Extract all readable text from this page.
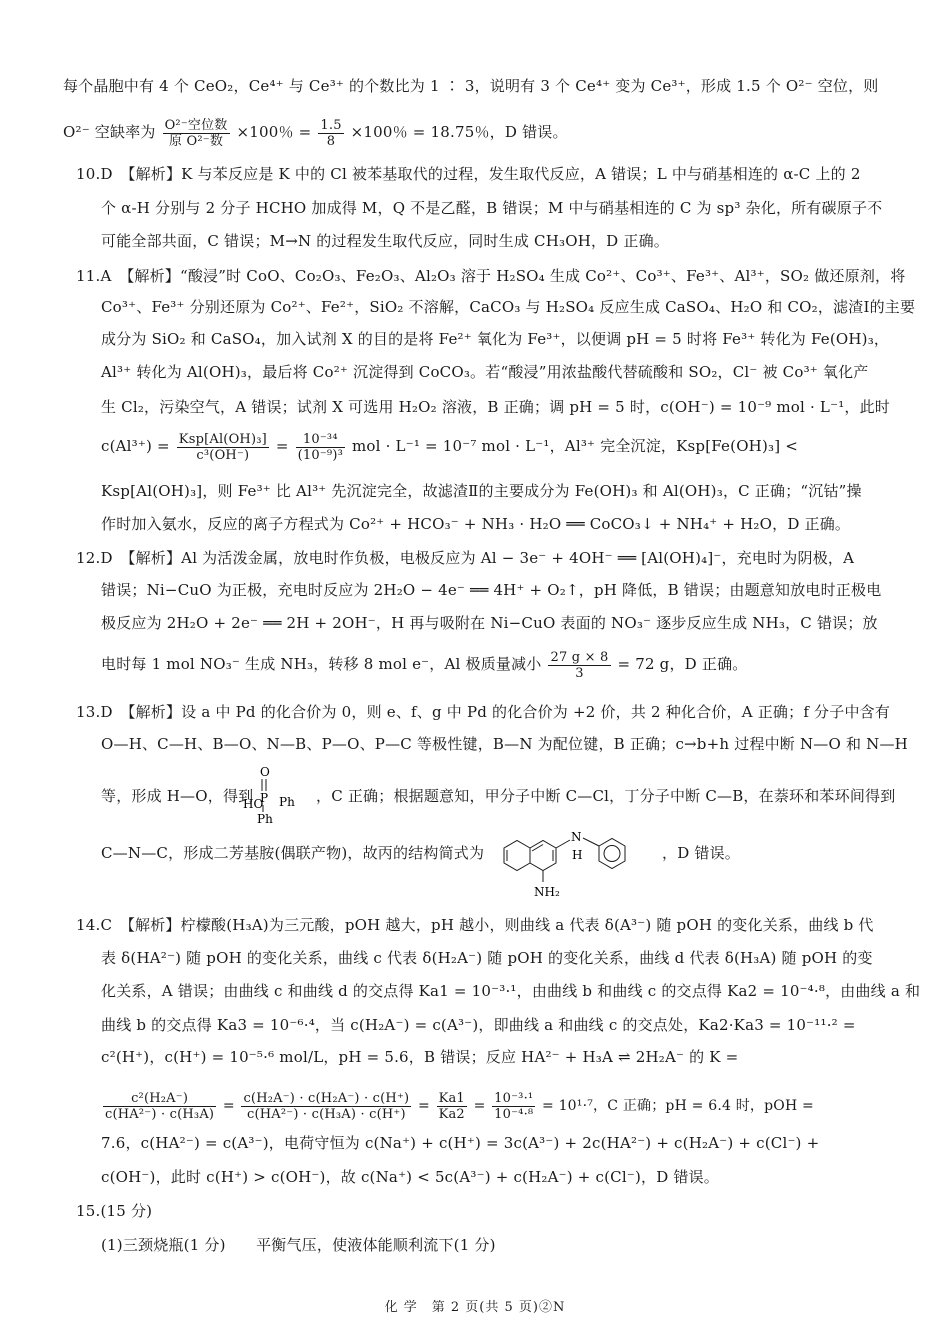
每个晶胞中有 4 个 CeO₂，Ce⁴⁺ 与 Ce³⁺ 的个数比为 1 ∶ 3，说明有 3 个 Ce⁴⁺ 变为 Ce³⁺，形成 1.5 个 O²⁻ 空位，则
O²⁻ 空缺率为 $\frac{\text{O²⁻空位数}}{\text{原 O²⁻数}} \times 100$％ = $\frac{1.5}{8} \times 100$％ = 18.75％，D 错误。
10.D　【解析】K 与苯反应是 K 中的 Cl 被苯基取代的过程，发生取代反应，A 错误；L 中与硝基相连的 α-C 上的 2
个 α-H 分别与 2 分子 HCHO 加成得 M，Q 不是乙醛，B 错误；M 中与硝基相连的 C 为 sp³ 杂化，所有碳原子不
可能全部共面，C 错误；M→N 的过程发生取代反应，同时生成 CH₃OH，D 正确。
11.A　【解析】“酸浸”时 CoO、Co₂O₃、Fe₂O₃、Al₂O₃ 溶于 H₂SO₄ 生成 Co²⁺、Co³⁺、Fe³⁺、Al³⁺，SO₂ 做还原剂，将
Co³⁺、Fe³⁺ 分别还原为 Co²⁺、Fe²⁺，SiO₂ 不溶解，CaCO₃ 与 H₂SO₄ 反应生成 CaSO₄、H₂O 和 CO₂，滤渣Ⅰ的主要
成分为 SiO₂ 和 CaSO₄，加入试剂 X 的目的是将 Fe²⁺ 氧化为 Fe³⁺，以便调 pH = 5 时将 Fe³⁺ 转化为 Fe(OH)₃，
Al³⁺ 转化为 Al(OH)₃，最后将 Co²⁺ 沉淀得到 CoCO₃。若“酸浸”用浓盐酸代替硫酸和 SO₂，Cl⁻ 被 Co³⁺ 氧化产
生 Cl₂，污染空气，A 错误；试剂 X 可选用 H₂O₂ 溶液，B 正确；调 pH = 5 时，c(OH⁻) = 10⁻⁹ mol · L⁻¹，此时
$c(Al^{3+}) = \frac{\text{Ksp[Al(OH)₃]}}{\text{c³(OH⁻)}} = \frac{\text{10⁻³⁴}}{\text{(10⁻⁹)³}}$ mol · L⁻¹ = 10⁻⁷ mol · L⁻¹，Al³⁺ 完全沉淀，Ksp[Fe(OH)₃] <
Ksp[Al(OH)₃]，则 Fe³⁺ 比 Al³⁺ 先沉淀完全，故滤渣Ⅱ的主要成分为 Fe(OH)₃ 和 Al(OH)₃，C 正确；“沉钴”操
作时加入氨水，反应的离子方程式为 Co²⁺ + HCO₃⁻ + NH₃ · H₂O ══ CoCO₃↓ + NH₄⁺ + H₂O，D 正确。
12.D　【解析】Al 为活泼金属，放电时作负极，电极反应为 Al − 3e⁻ + 4OH⁻ ══ [Al(OH)₄]⁻，充电时为阴极，A
错误；Ni−CuO 为正极，充电时反应为 2H₂O − 4e⁻ ══ 4H⁺ + O₂↑，pH 降低，B 错误；由题意知放电时正极电
极反应为 2H₂O + 2e⁻ ══ 2H + 2OH⁻，H 再与吸附在 Ni−CuO 表面的 NO₃⁻ 逐步反应生成 NH₃，C 错误；放
电时每 1 mol NO₃⁻ 生成 NH₃，转移 8 mol e⁻，Al 极质量减小 $\frac{27 g \times 8}{3} = 72$ g，D 正确。
13.D　【解析】设 a 中 Pd 的化合价为 0，则 e、f、g 中 Pd 的化合价为 +2 价，共 2 种化合价，A 正确；f 分子中含有
O—H、C—H、B—O、N—B、P—O、P—C 等极性键，B—N 为配位键，B 正确；c→b+h 过程中断 N—O 和 N—H
等，形成 H—O，得到
O
P
HO Ph
Ph
，C 正确；根据题意知，甲分子中断 C—Cl，丁分子中断 C—B，在萘环和苯环间得到
C—N—C，形成二芳基胺(偶联产物)，故丙的结构简式为
N
H
NH₂
，D 错误。
14.C　【解析】柠檬酸(H₃A)为三元酸，pOH 越大，pH 越小，则曲线 a 代表 δ(A³⁻) 随 pOH 的变化关系，曲线 b 代
表 δ(HA²⁻) 随 pOH 的变化关系，曲线 c 代表 δ(H₂A⁻) 随 pOH 的变化关系，曲线 d 代表 δ(H₃A) 随 pOH 的变
化关系，A 错误；由曲线 c 和曲线 d 的交点得 Ka1 = 10⁻³·¹，由曲线 b 和曲线 c 的交点得 Ka2 = 10⁻⁴·⁸，由曲线 a 和
曲线 b 的交点得 Ka3 = 10⁻⁶·⁴，当 c(H₂A⁻) = c(A³⁻)，即曲线 a 和曲线 c 的交点处，Ka2·Ka3 = 10⁻¹¹·² =
c²(H⁺)，c(H⁺) = 10⁻⁵·⁶ mol/L，pH = 5.6，B 错误；反应 HA²⁻ + H₃A ⇌ 2H₂A⁻ 的 K =
$\frac{\text{c²(H₂A⁻)}}{\text{c(HA²⁻) · c(H₃A)}} = \frac{\text{c(H₂A⁻) · c(H₂A⁻) · c(H⁺)}}{\text{c(HA²⁻) · c(H₃A) · c(H⁺)}} = \frac{Ka1}{Ka2} = \frac{\text{10⁻³·¹}}{\text{10⁻⁴·⁸}} = 10^1\cdot^7$，C 正确；pH = 6.4 时，pOH =
7.6，c(HA²⁻) = c(A³⁻)，电荷守恒为 c(Na⁺) + c(H⁺) = 3c(A³⁻) + 2c(HA²⁻) + c(H₂A⁻) + c(Cl⁻) +
c(OH⁻)，此时 c(H⁺) > c(OH⁻)，故 c(Na⁺) < 5c(A³⁻) + c(H₂A⁻) + c(Cl⁻)，D 错误。
15.(15 分)
(1)三颈烧瓶(1 分)　　平衡气压，使液体能顺利流下(1 分)
化 学　第 2 页(共 5 页)②N
